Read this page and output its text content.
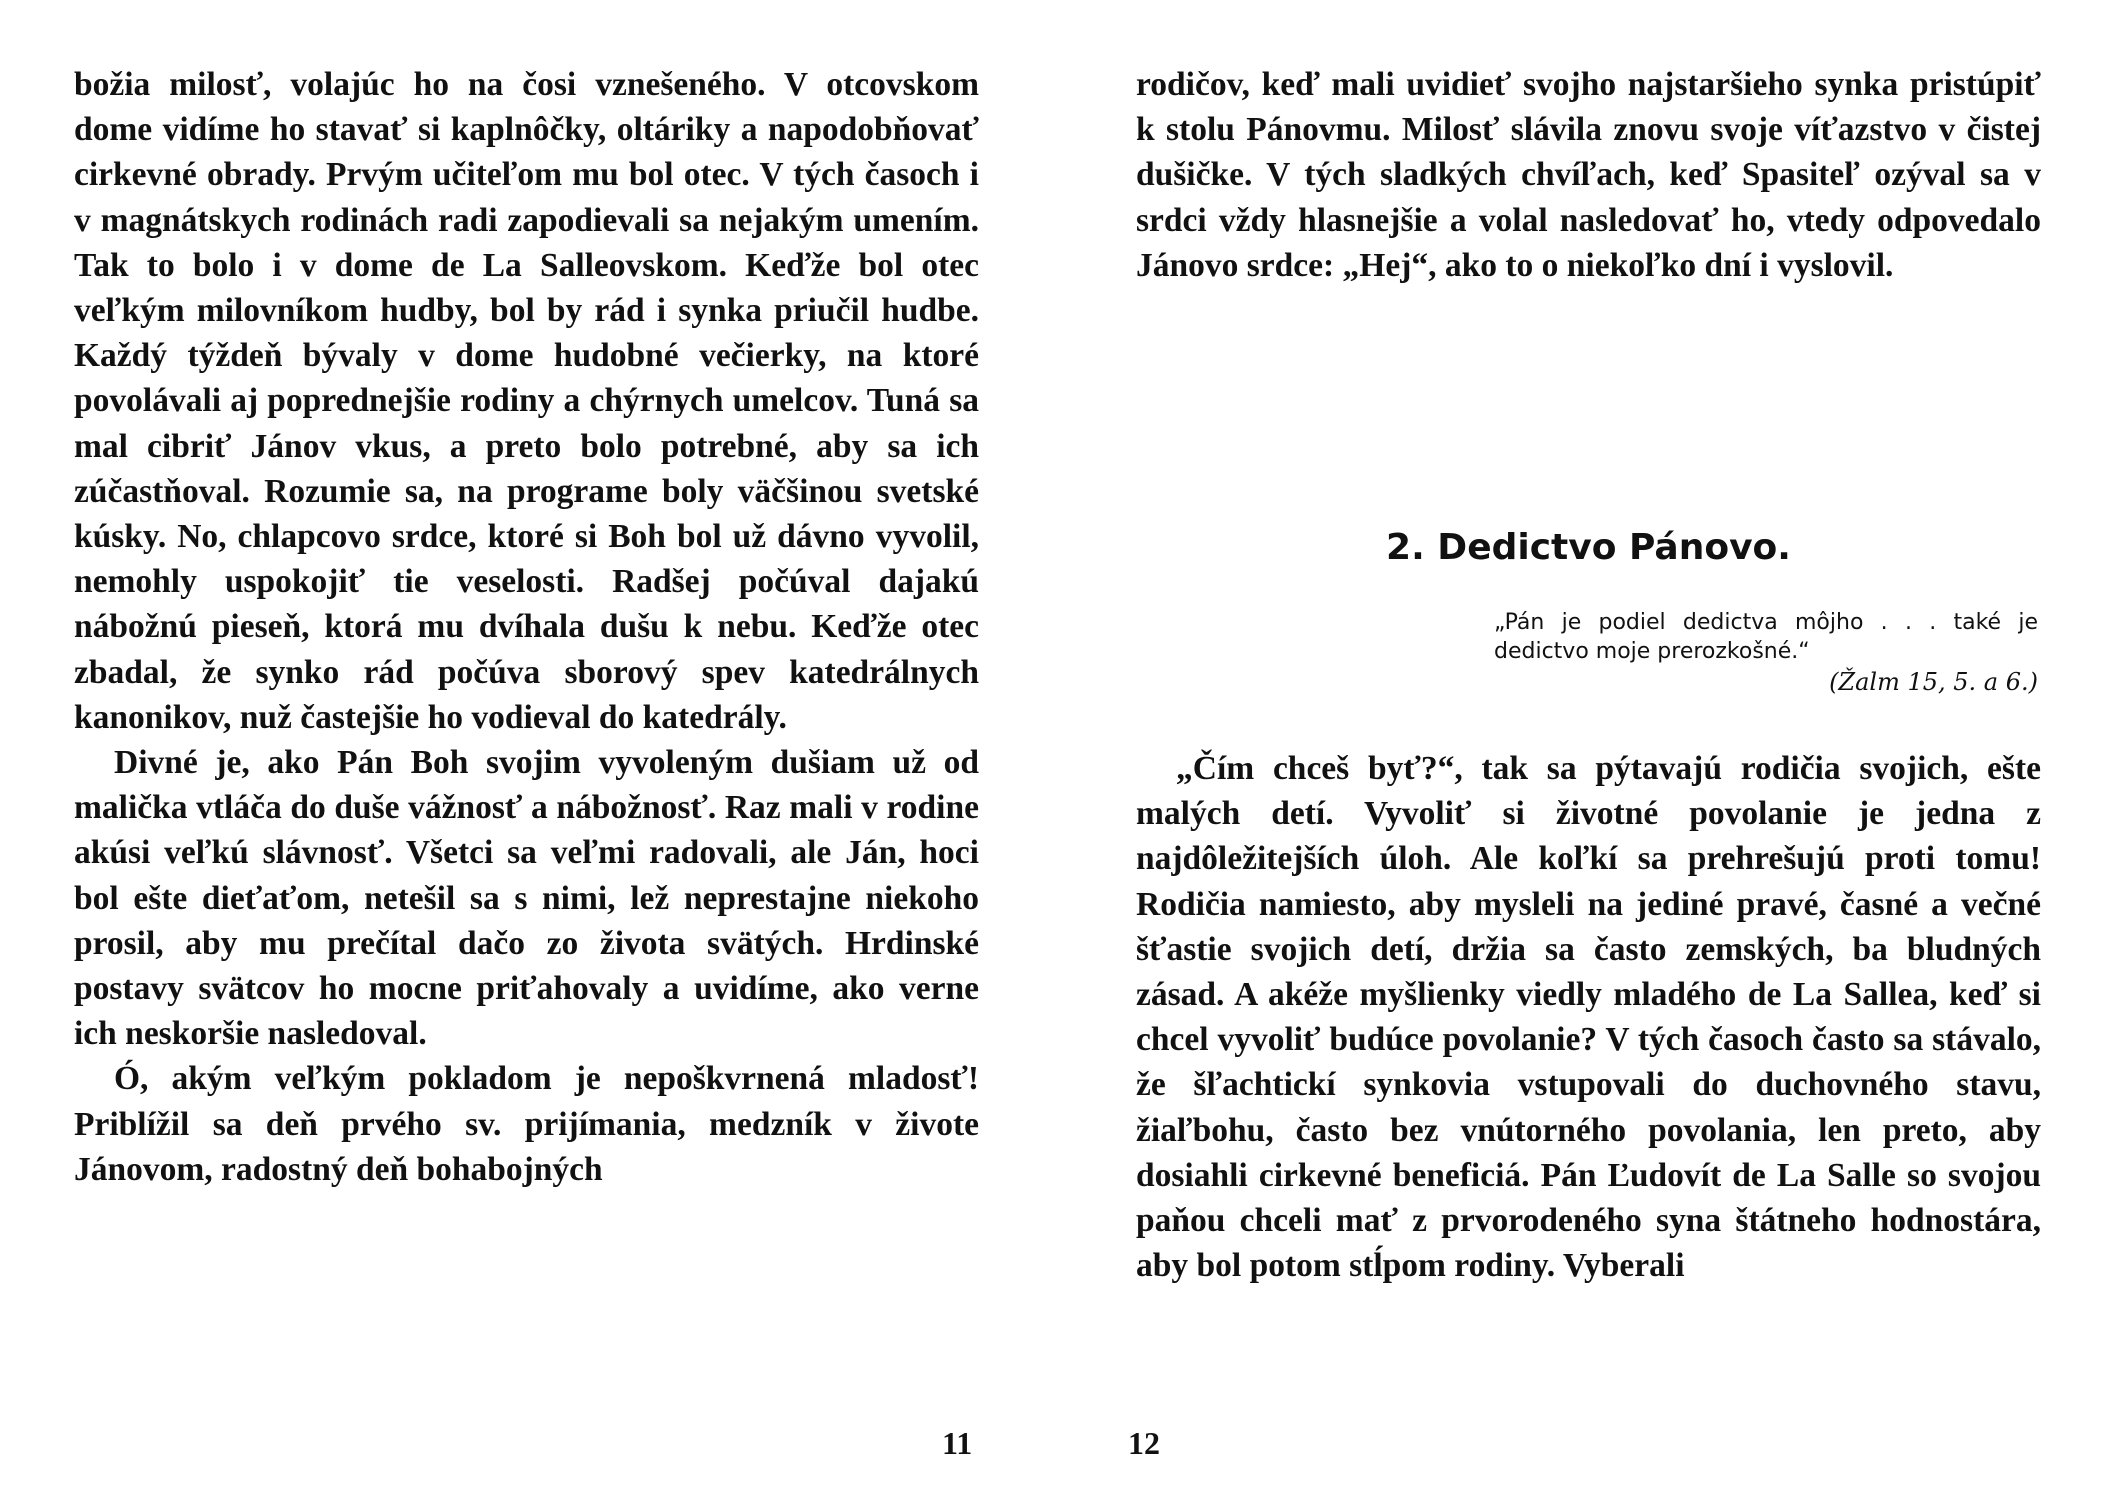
božia milosť, volajúc ho na čosi vznešeného. V otcovskom dome vidíme ho stavať si kaplnôčky, oltáriky a napodobňovať cirkevné obrady. Prvým učiteľom mu bol otec. V tých časoch i v magnátskych rodinách radi zapodievali sa nejakým umením. Tak to bolo i v dome de La Salleovskom. Keďže bol otec veľkým milovníkom hudby, bol by rád i synka priučil hudbe. Každý týždeň bývaly v dome hudobné večierky, na ktoré povolávali aj poprednejšie rodiny a chýrnych umelcov. Tuná sa mal cibriť Jánov vkus, a preto bolo potrebné, aby sa ich zúčastňoval. Rozumie sa, na programe boly väčšinou svetské kúsky. No, chlapcovo srdce, ktoré si Boh bol už dávno vyvolil, nemohly uspokojiť tie veselosti. Radšej počúval dajakú nábožnú pieseň, ktorá mu dvíhala dušu k nebu. Keďže otec zbadal, že synko rád počúva sborový spev katedrálnych kanonikov, nuž častejšie ho vodieval do katedrály.

Divné je, ako Pán Boh svojim vyvoleným dušiam už od malička vtláča do duše vážnosť a nábožnosť. Raz mali v rodine akúsi veľkú slávnosť. Všetci sa veľmi radovali, ale Ján, hoci bol ešte dieťaťom, netešil sa s nimi, lež neprestajne niekoho prosil, aby mu prečítal dačo zo života svätých. Hrdinské postavy svätcov ho mocne priťahovaly a uvidíme, ako verne ich neskoršie nasledoval.

Ó, akým veľkým pokladom je nepoškvrnená mladosť! Priblížil sa deň prvého sv. prijímania, medzník v živote Jánovom, radostný deň bohabojných

rodičov, keď mali uvidieť svojho najstaršieho synka pristúpiť k stolu Pánovmu. Milosť slávila znovu svoje víťazstvo v čistej dušičke. V tých sladkých chvíľach, keď Spasiteľ ozýval sa v srdci vždy hlasnejšie a volal nasledovať ho, vtedy odpovedalo Jánovo srdce: „Hej“, ako to o niekoľko dní i vyslovil.

2. Dedictvo Pánovo.
„Pán je podiel dedictva môjho . . . také je dedictvo moje prerozkošné.“
(Žalm 15, 5. a 6.)

„Čím chceš byť?“, tak sa pýtavajú rodičia svojich, ešte malých detí. Vyvoliť si životné povolanie je jedna z najdôležitejších úloh. Ale koľkí sa prehrešujú proti tomu! Rodičia namiesto, aby mysleli na jediné pravé, časné a večné šťastie svojich detí, držia sa často zemských, ba bludných zásad. A akéže myšlienky viedly mladého de La Sallea, keď si chcel vyvoliť budúce povolanie? V tých časoch často sa stávalo, že šľachtickí synkovia vstupovali do duchovného stavu, žiaľbohu, často bez vnútorného povolania, len preto, aby dosiahli cirkevné beneficiá. Pán Ľudovít de La Salle so svojou paňou chceli mať z prvorodeného syna štátneho hodnostára, aby bol potom stĺpom rodiny. Vyberali

11	12
